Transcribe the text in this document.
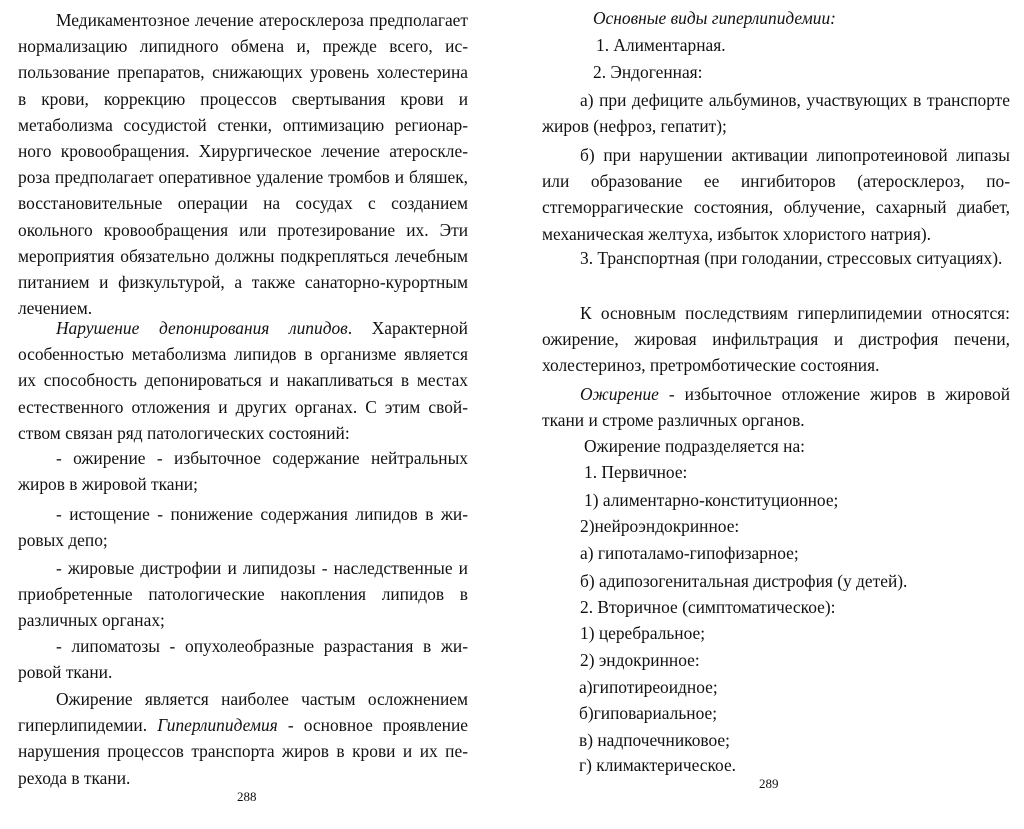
Медикаментозное лечение атеросклероза предполагает нормализацию липидного обмена и, прежде всего, использование препаратов, снижающих уровень холестерина в крови, коррекцию процессов свертывания крови и метаболизма сосудистой стенки, оптимизацию регионарного кровообращения. Хирургическое лечение атеросклероза предполагает оперативное удаление тромбов и бляшек, восстановительные операции на сосудах с созданием окольного кровообращения или протезирование их. Эти мероприятия обязательно должны подкрепляться лечебным питанием и физкультурой, а также санаторно-курортным лечением.

Нарушение депонирования липидов. Характерной особенностью метаболизма липидов в организме является их способность депонироваться и накапливаться в местах естественного отложения и других органах. С этим свойством связан ряд патологических состояний:

- ожирение - избыточное содержание нейтральных жиров в жировой ткани;

- истощение - понижение содержания липидов в жировых депо;

- жировые дистрофии и липидозы - наследственные и приобретенные патологические накопления липидов в различных органах;

- липоматозы - опухолеобразные разрастания в жировой ткани.

Ожирение является наиболее частым осложнением гиперлипидемии. Гиперлипидемия - основное проявление нарушения процессов транспорта жиров в крови и их перехода в ткани.

288

Основные виды гиперлипидемии:

1. Алиментарная.

2. Эндогенная:

а) при дефиците альбуминов, участвующих в транспорте жиров (нефроз, гепатит);

б) при нарушении активации липопротеиновой липазы или образование ее ингибиторов (атеросклероз, постгеморрагические состояния, облучение, сахарный диабет, механическая желтуха, избыток хлористого натрия).

3. Транспортная (при голодании, стрессовых ситуациях).

К основным последствиям гиперлипидемии относятся: ожирение, жировая инфильтрация и дистрофия печени, холестериноз, претромботические состояния.

Ожирение - избыточное отложение жиров в жировой ткани и строме различных органов.

Ожирение подразделяется на:

1. Первичное:

1) алиментарно-конституционное;

2)нейроэндокринное:

а) гипоталамо-гипофизарное;

б) адипозогенитальная дистрофия (у детей).

2. Вторичное (симптоматическое):

1) церебральное;

2) эндокринное:

а)гипотиреоидное;

б)гиповариальное;

в) надпочечниковое;

г) климактерическое.

289
